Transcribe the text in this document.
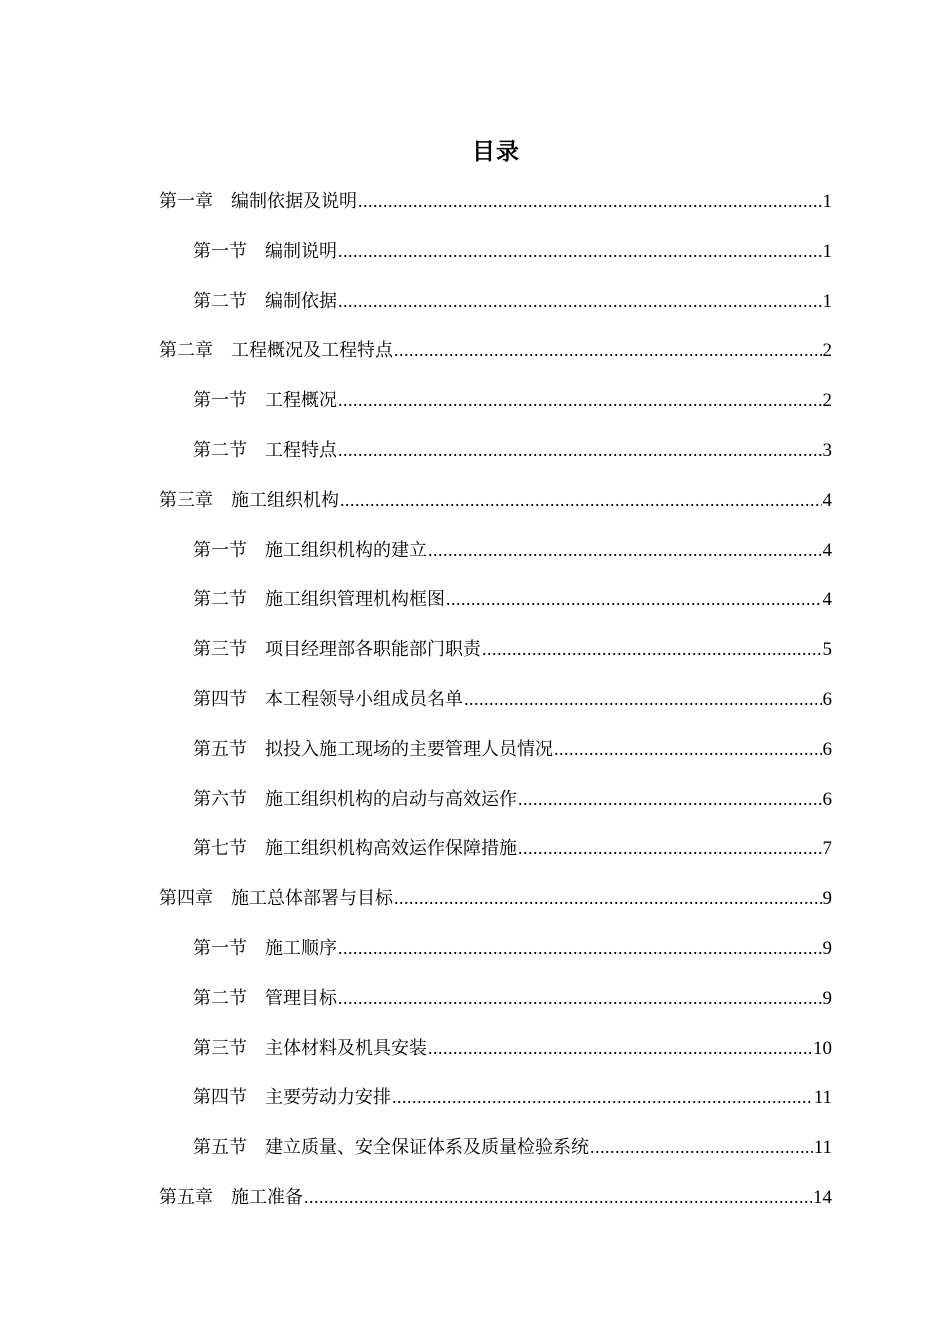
目录
第一章 编制依据及说明 .....	1
第一节 编制说明 .....	1
第二节 编制依据 .....	1
第二章 工程概况及工程特点 .....	2
第一节 工程概况 .....	2
第二节 工程特点 .....	3
第三章 施工组织机构 .....	4
第一节 施工组织机构的建立 .....	4
第二节 施工组织管理机构框图 .....	4
第三节 项目经理部各职能部门职责 .....	5
第四节 本工程领导小组成员名单 .....	6
第五节 拟投入施工现场的主要管理人员情况 .....	6
第六节 施工组织机构的启动与高效运作 .....	6
第七节 施工组织机构高效运作保障措施 .....	7
第四章 施工总体部署与目标 .....	9
第一节 施工顺序 .....	9
第二节 管理目标 .....	9
第三节 主体材料及机具安装 .....	10
第四节 主要劳动力安排 .....	11
第五节 建立质量、安全保证体系及质量检验系统 .....	11
第五章 施工准备 .....	14
